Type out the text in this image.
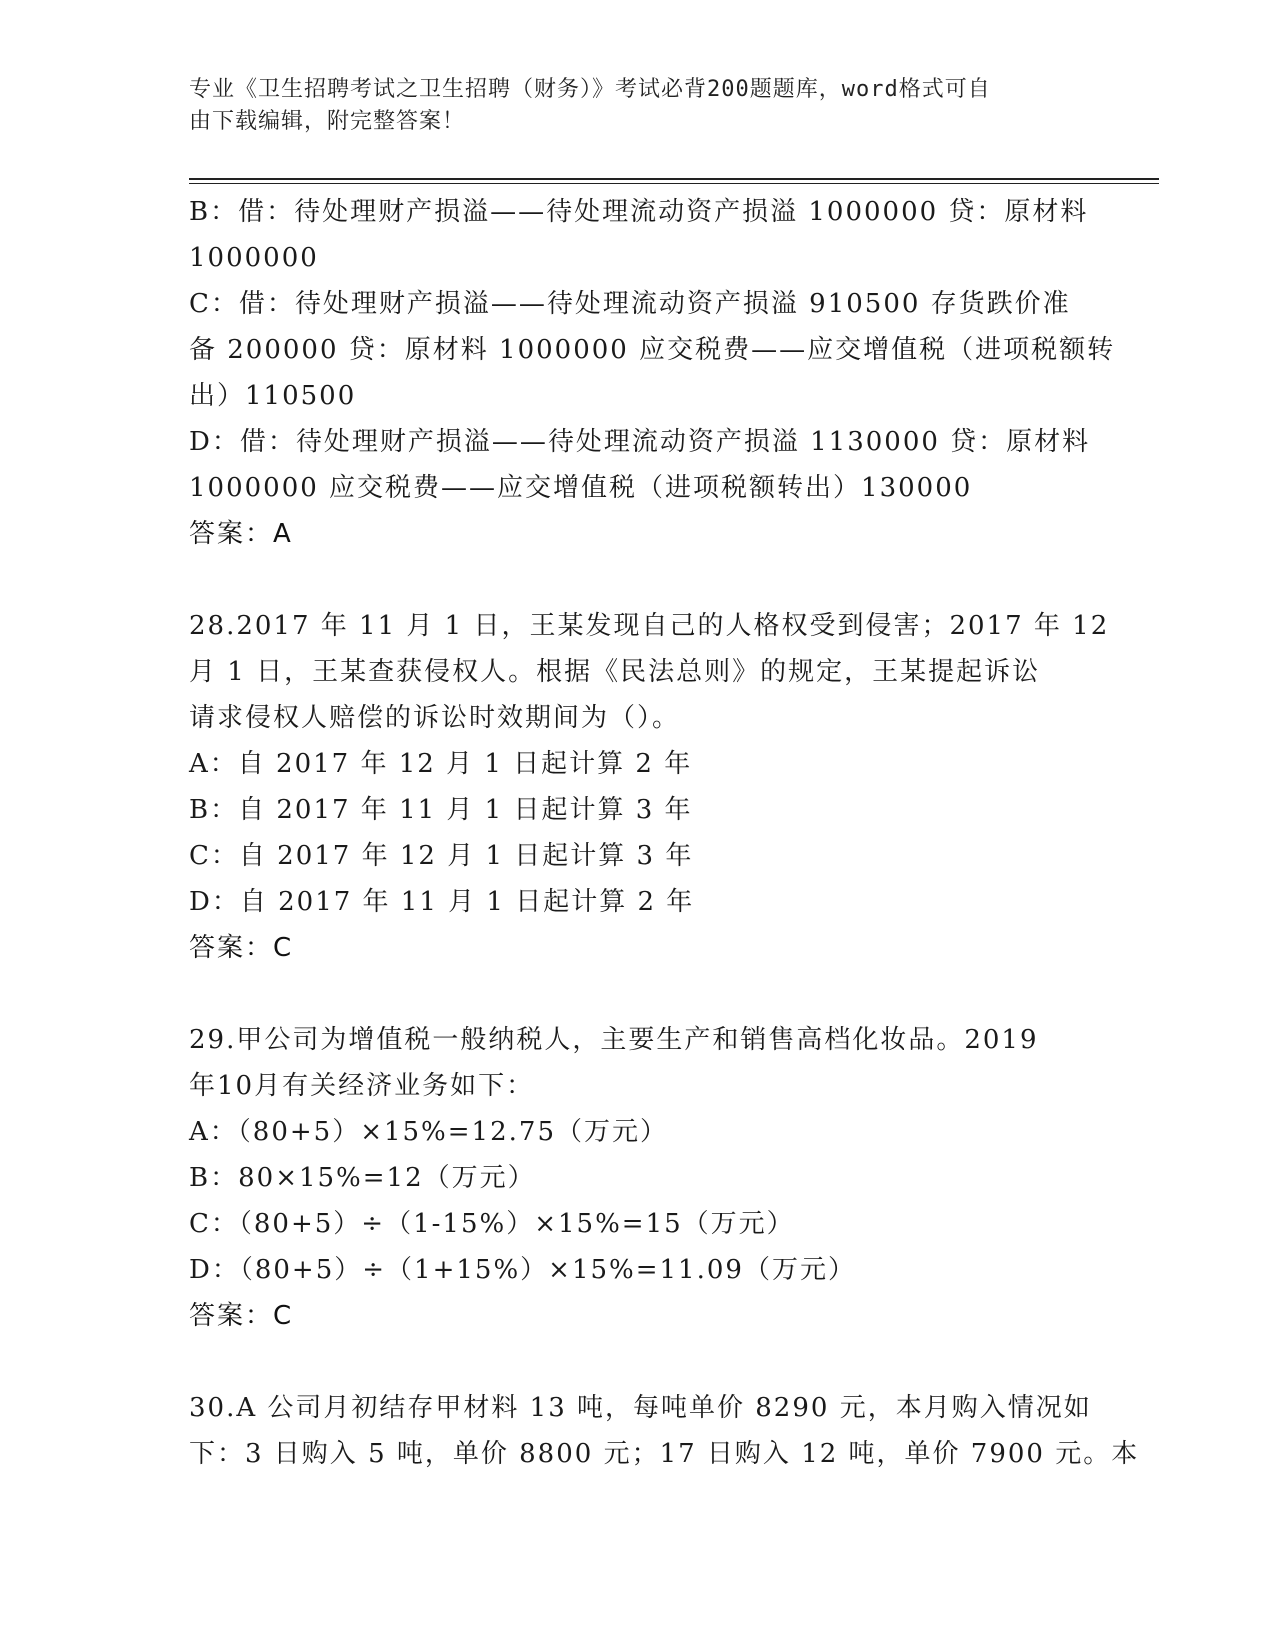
专业《卫生招聘考试之卫生招聘（财务）》考试必背200题题库，word格式可自
由下载编辑，附完整答案！
B：借：待处理财产损溢——待处理流动资产损溢 1000000 贷：原材料
1000000
C：借：待处理财产损溢——待处理流动资产损溢 910500 存货跌价准
备 200000 贷：原材料 1000000 应交税费——应交增值税（进项税额转
出）110500
D：借：待处理财产损溢——待处理流动资产损溢 1130000 贷：原材料
1000000 应交税费——应交增值税（进项税额转出）130000
答案：A
28.2017 年 11 月 1 日，王某发现自己的人格权受到侵害；2017 年 12
月 1 日，王某查获侵权人。根据《民法总则》的规定，王某提起诉讼
请求侵权人赔偿的诉讼时效期间为（）。
A：自 2017 年 12 月 1 日起计算 2 年
B：自 2017 年 11 月 1 日起计算 3 年
C：自 2017 年 12 月 1 日起计算 3 年
D：自 2017 年 11 月 1 日起计算 2 年
答案：C
29.甲公司为增值税一般纳税人，主要生产和销售高档化妆品。2019
年10月有关经济业务如下：
A：（80+5）×15%=12.75（万元）
B：80×15%=12（万元）
C：（80+5）÷（1-15%）×15%=15（万元）
D：（80+5）÷（1+15%）×15%=11.09（万元）
答案：C
30.A 公司月初结存甲材料 13 吨，每吨单价 8290 元，本月购入情况如
下：3 日购入 5 吨，单价 8800 元；17 日购入 12 吨，单价 7900 元。本
